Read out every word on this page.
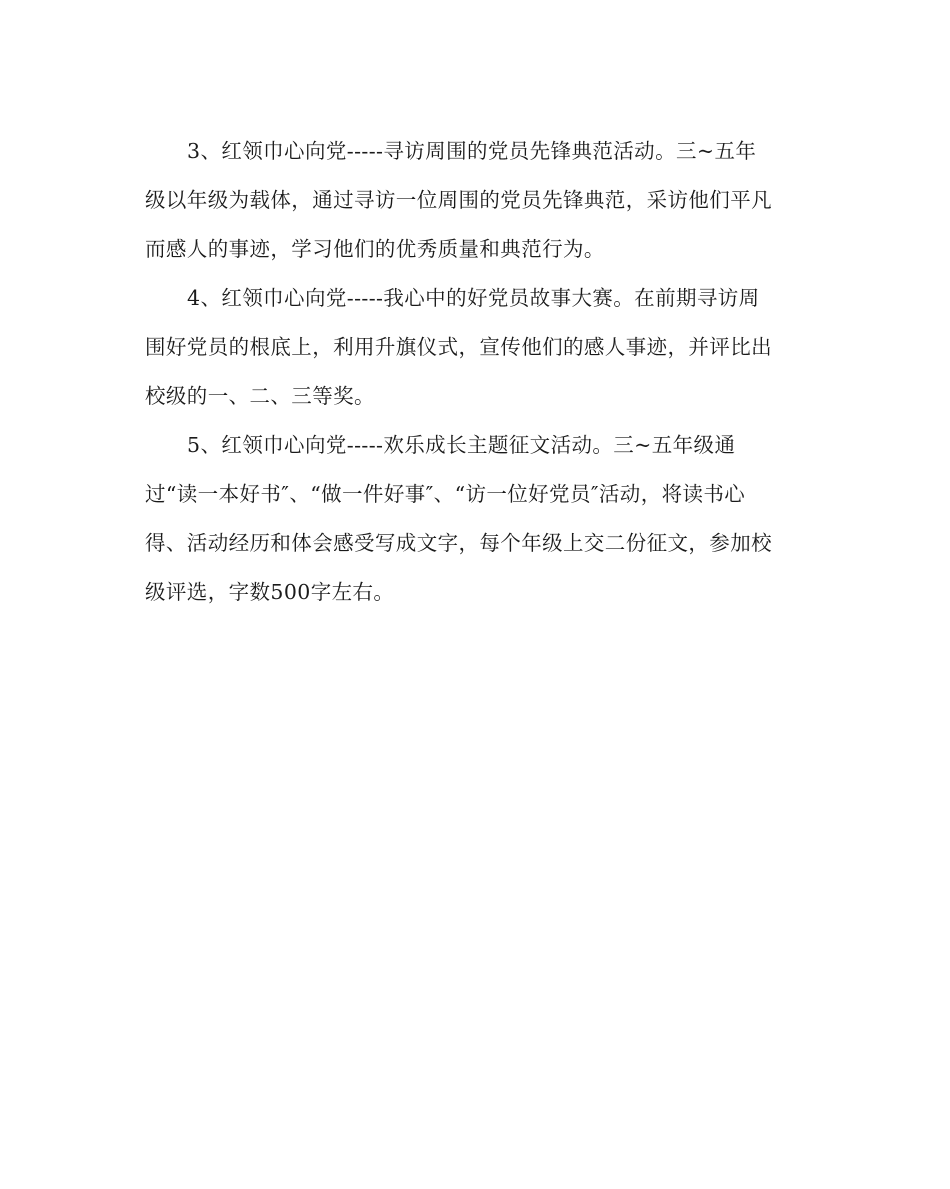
3、红领巾心向党-----寻访周围的党员先锋典范活动。三~五年
级以年级为载体，通过寻访一位周围的党员先锋典范，采访他们平凡
而感人的事迹，学习他们的优秀质量和典范行为。

4、红领巾心向党-----我心中的好党员故事大赛。在前期寻访周
围好党员的根底上，利用升旗仪式，宣传他们的感人事迹，并评比出
校级的一、二、三等奖。

5、红领巾心向党-----欢乐成长主题征文活动。三~五年级通
过“读一本好书″、“做一件好事″、“访一位好党员″活动，将读书心
得、活动经历和体会感受写成文字，每个年级上交二份征文，参加校
级评选，字数500字左右。
